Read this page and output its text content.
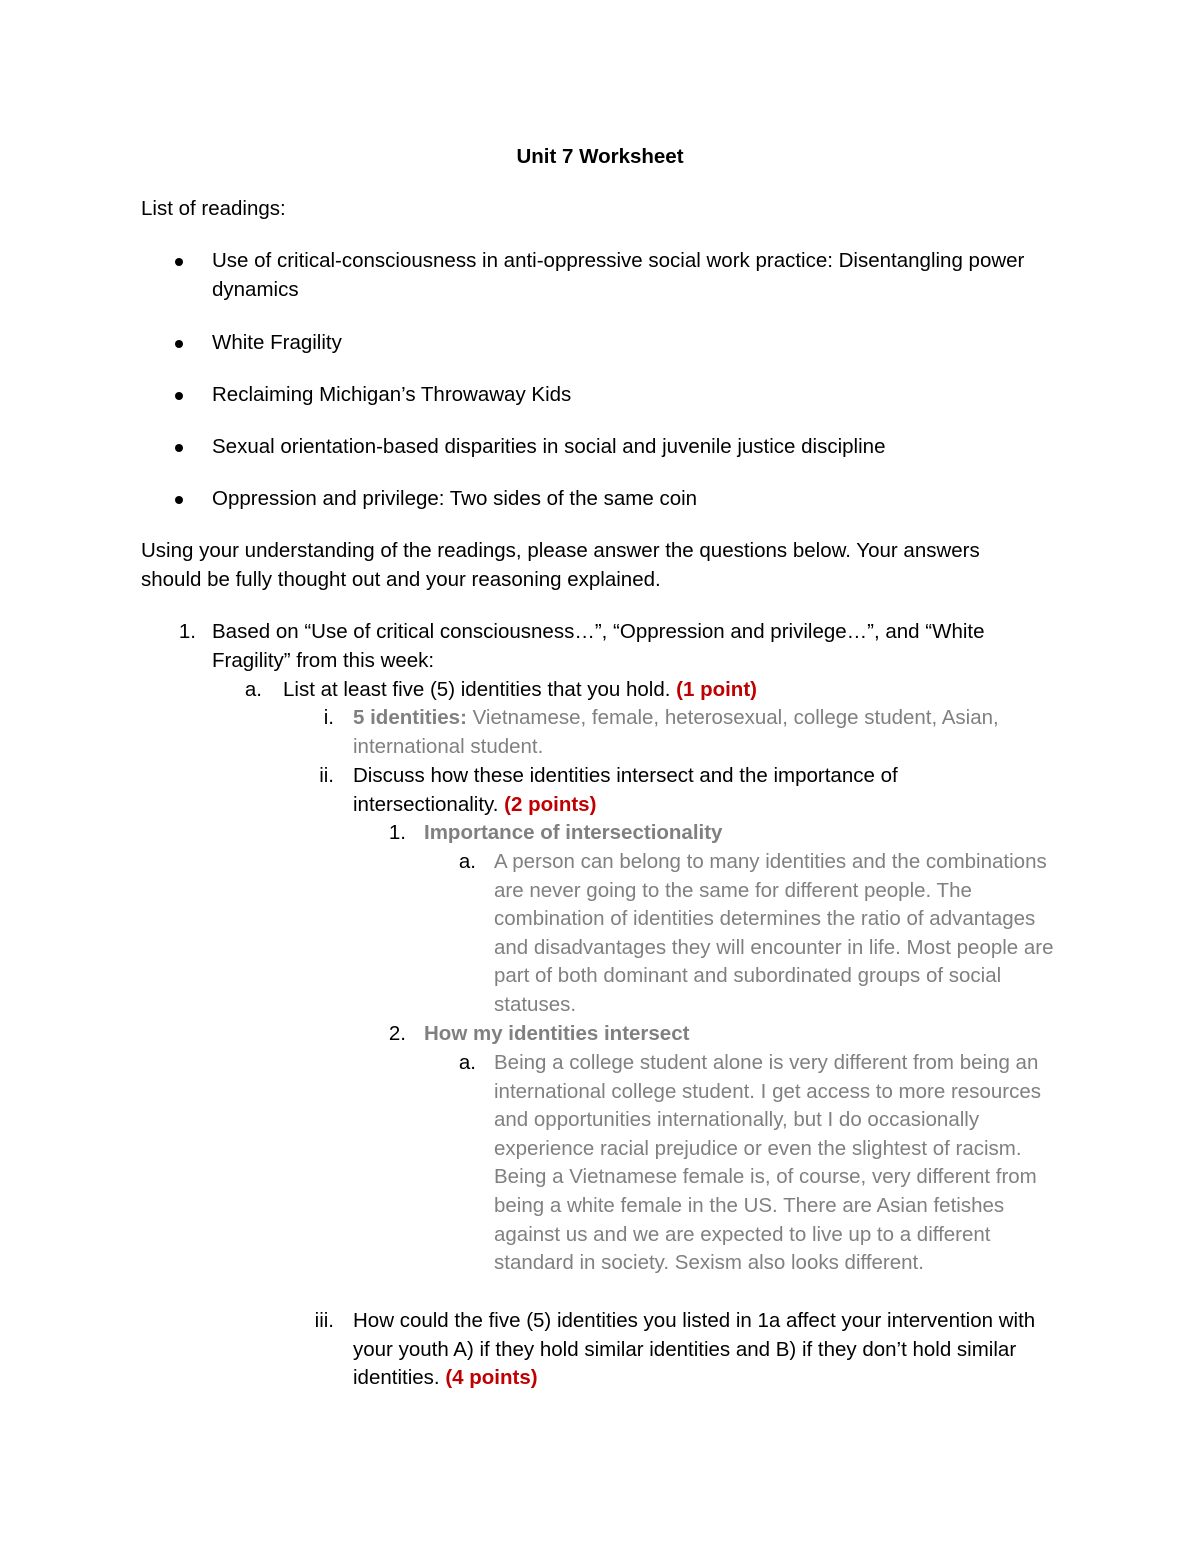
Unit 7 Worksheet
List of readings:
Use of critical-consciousness in anti-oppressive social work practice: Disentangling power dynamics
White Fragility
Reclaiming Michigan’s Throwaway Kids
Sexual orientation-based disparities in social and juvenile justice discipline
Oppression and privilege: Two sides of the same coin
Using your understanding of the readings, please answer the questions below. Your answers should be fully thought out and your reasoning explained.
1. Based on “Use of critical consciousness…”, “Oppression and privilege…”, and “White Fragility” from this week:
a. List at least five (5) identities that you hold. (1 point)
i. 5 identities: Vietnamese, female, heterosexual, college student, Asian, international student.
ii. Discuss how these identities intersect and the importance of intersectionality. (2 points)
1. Importance of intersectionality
a. A person can belong to many identities and the combinations are never going to the same for different people. The combination of identities determines the ratio of advantages and disadvantages they will encounter in life. Most people are part of both dominant and subordinated groups of social statuses.
2. How my identities intersect
a. Being a college student alone is very different from being an international college student. I get access to more resources and opportunities internationally, but I do occasionally experience racial prejudice or even the slightest of racism. Being a Vietnamese female is, of course, very different from being a white female in the US. There are Asian fetishes against us and we are expected to live up to a different standard in society. Sexism also looks different.
iii. How could the five (5) identities you listed in 1a affect your intervention with your youth A) if they hold similar identities and B) if they don’t hold similar identities. (4 points)
